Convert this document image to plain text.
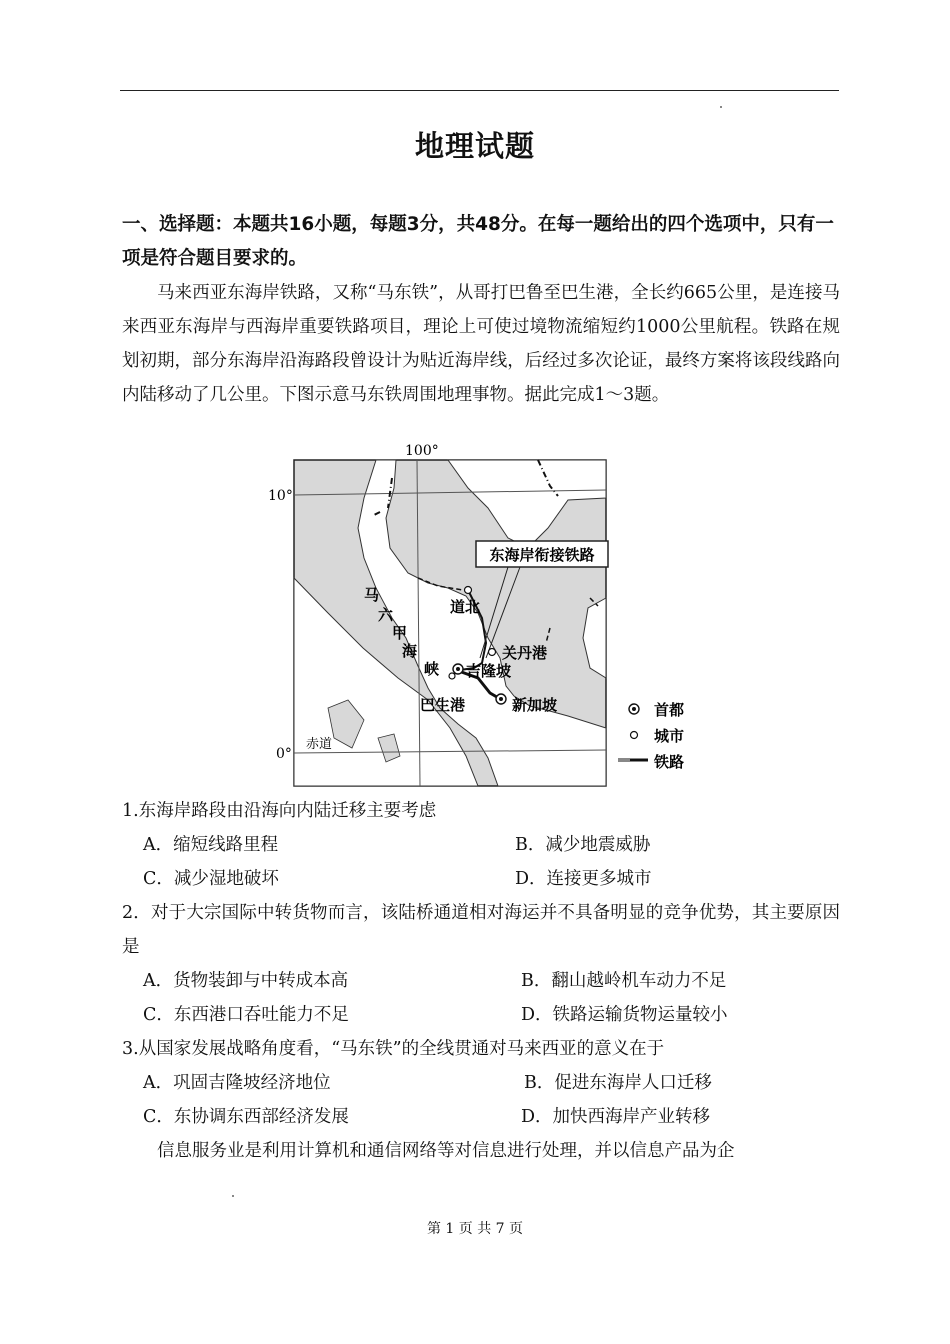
地理试题
一、选择题：本题共16小题，每题3分，共48分。在每一题给出的四个选项中，只有一项是符合题目要求的。
马来西亚东海岸铁路，又称“马东铁”，从哥打巴鲁至巴生港，全长约665公里，是连接马来西亚东海岸与西海岸重要铁路项目，理论上可使过境物流缩短约1000公里航程。铁路在规划初期，部分东海岸沿海路段曾设计为贴近海岸线，后经过多次论证，最终方案将该段线路向内陆移动了几公里。下图示意马东铁周围地理事物。据此完成1～3题。
东海岸衔接铁路
道北
关丹港
吉隆坡
巴生港	新加坡
马
六
甲
海
峡
100°
10°
0°
赤道
首都
城市
铁路
1.东海岸路段由沿海向内陆迁移主要考虑
A．缩短线路里程	B．减少地震威胁
C．减少湿地破坏	D．连接更多城市
2．对于大宗国际中转货物而言，该陆桥通道相对海运并不具备明显的竞争优势，其主要原因是
A．货物装卸与中转成本高	B．翻山越岭机车动力不足
C．东西港口吞吐能力不足	D．铁路运输货物运量较小
3.从国家发展战略角度看，“马东铁”的全线贯通对马来西亚的意义在于
A．巩固吉隆坡经济地位	B．促进东海岸人口迁移
C．东协调东西部经济发展	D．加快西海岸产业转移
信息服务业是利用计算机和通信网络等对信息进行处理，并以信息产品为企
第 1 页 共 7 页
